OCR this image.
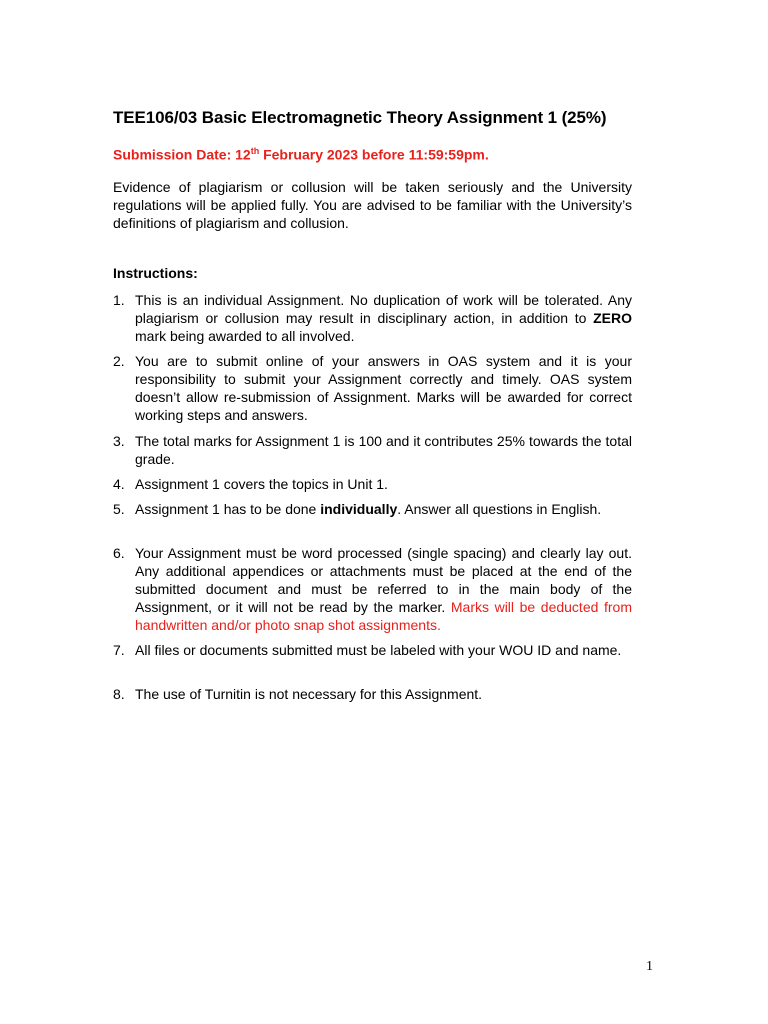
TEE106/03 Basic Electromagnetic Theory Assignment 1 (25%)
Submission Date: 12th February 2023 before 11:59:59pm.
Evidence of plagiarism or collusion will be taken seriously and the University regulations will be applied fully. You are advised to be familiar with the University’s definitions of plagiarism and collusion.
Instructions:
1. This is an individual Assignment. No duplication of work will be tolerated. Any plagiarism or collusion may result in disciplinary action, in addition to ZERO mark being awarded to all involved.
2. You are to submit online of your answers in OAS system and it is your responsibility to submit your Assignment correctly and timely. OAS system doesn’t allow re-submission of Assignment. Marks will be awarded for correct working steps and answers.
3. The total marks for Assignment 1 is 100 and it contributes 25% towards the total grade.
4. Assignment 1 covers the topics in Unit 1.
5. Assignment 1 has to be done individually. Answer all questions in English.
6. Your Assignment must be word processed (single spacing) and clearly lay out. Any additional appendices or attachments must be placed at the end of the submitted document and must be referred to in the main body of the Assignment, or it will not be read by the marker. Marks will be deducted from handwritten and/or photo snap shot assignments.
7. All files or documents submitted must be labeled with your WOU ID and name.
8. The use of Turnitin is not necessary for this Assignment.
1
